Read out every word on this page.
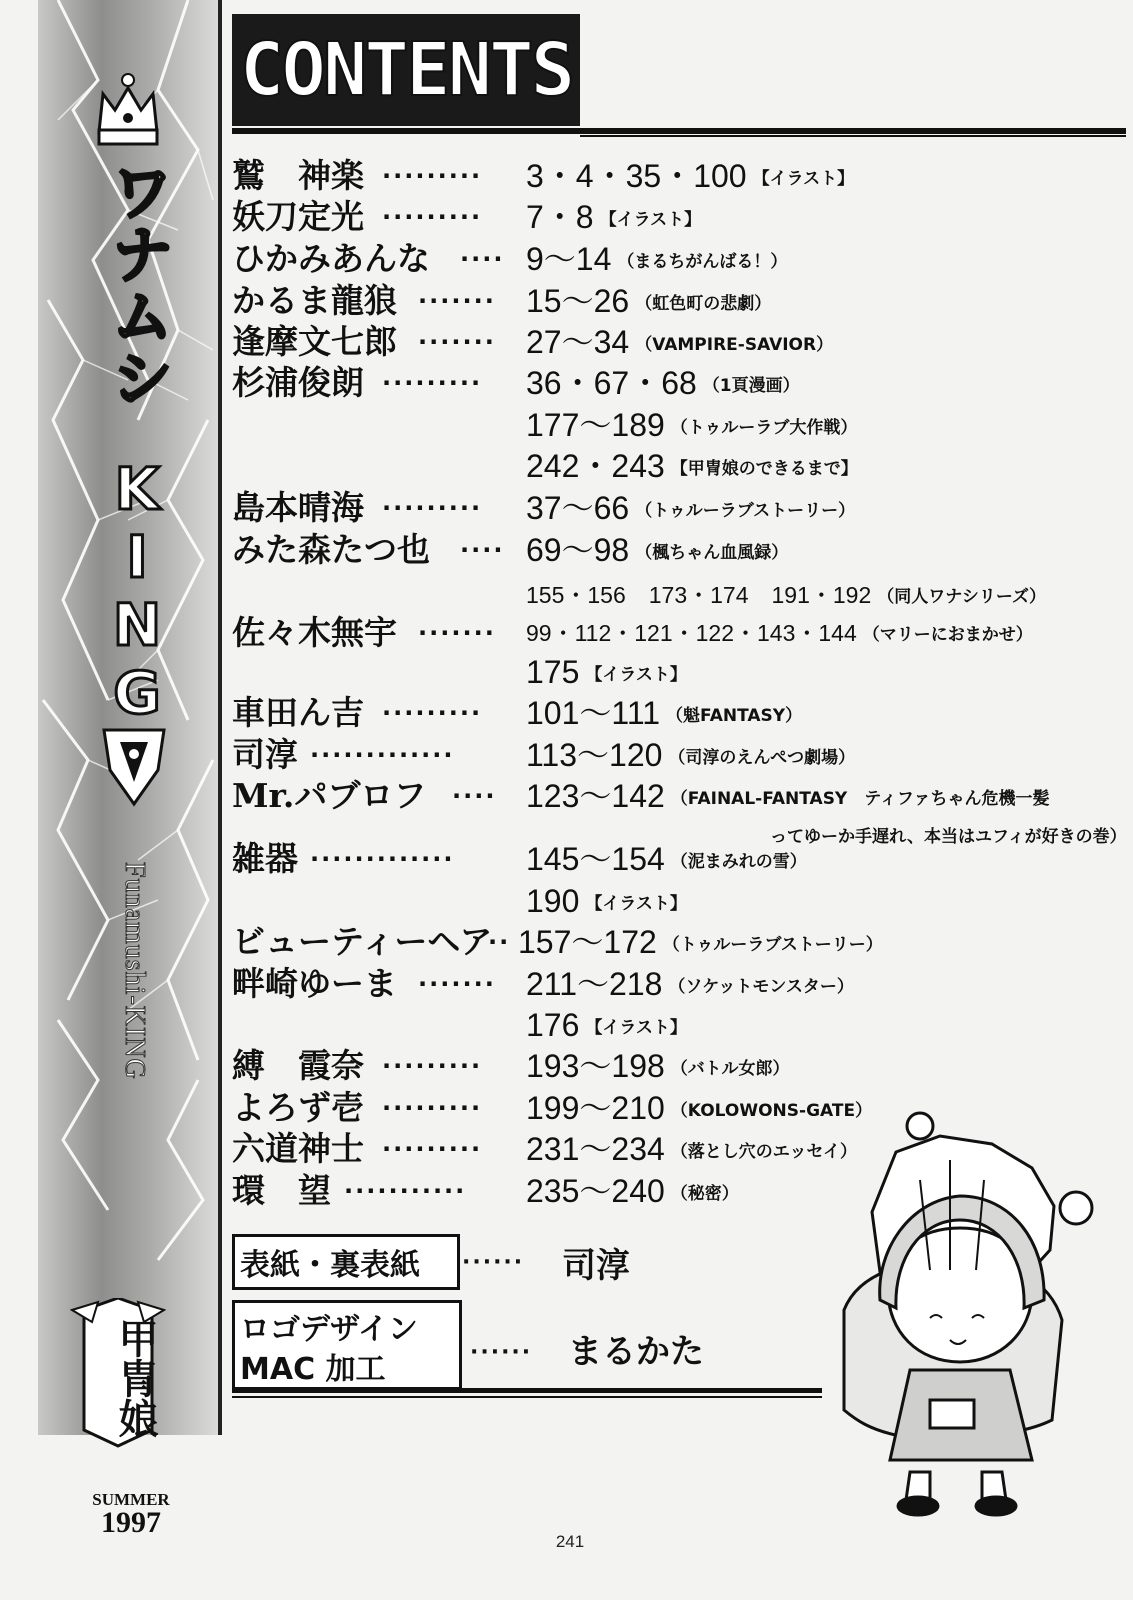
ワナムシ
KING
Funamushi-KING
甲冑娘
SUMMER
1997
CONTENTS
鷲　神楽 ········· 3・4・35・100 【イラスト】
妖刀定光 ········· 7・8 【イラスト】
ひかみあんな ···· 9〜14 （まるちがんばる！）
かるま龍狼 ······· 15〜26 （虹色町の悲劇）
逢摩文七郎 ······· 27〜34 （VAMPIRE-SAVIOR）
杉浦俊朗 ········· 36・67・68 （1頁漫画）
177〜189 （トゥルーラブ大作戦）
242・243 【甲冑娘のできるまで】
島本晴海 ········· 37〜66 （トゥルーラブストーリー）
みた森たつ也 ···· 69〜98 （楓ちゃん血風録）
155・156　173・174　191・192 （同人ワナシリーズ）
佐々木無宇 ······· 99・112・121・122・143・144 （マリーにおまかせ）
175 【イラスト】
車田ん吉 ········· 101〜111 （魁FANTASY）
司淳 ············· 113〜120 （司淳のえんぺつ劇場）
Mr.パブロフ ···· 123〜142 （FAINAL-FANTASY　ティファちゃん危機一髪
ってゆーか手遅れ、本当はユフィが好きの巻）
雑器 ············· 145〜154 （泥まみれの雪）
190 【イラスト】
ビューティーヘア
·· 157〜172 （トゥルーラブストーリー）
畔崎ゆーま ······· 211〜218 （ソケットモンスター）
176 【イラスト】
縛　霞奈 ········· 193〜198 （バトル女郎）
よろず壱 ········· 199〜210 （KOLOWONS-GATE）
六道神士 ········· 231〜234 （落とし穴のエッセイ）
環　望 ··········· 235〜240 （秘密）
表紙・裏表紙 ······ 司淳
ロゴデザイン
MAC 加工	······ まるかた
241
